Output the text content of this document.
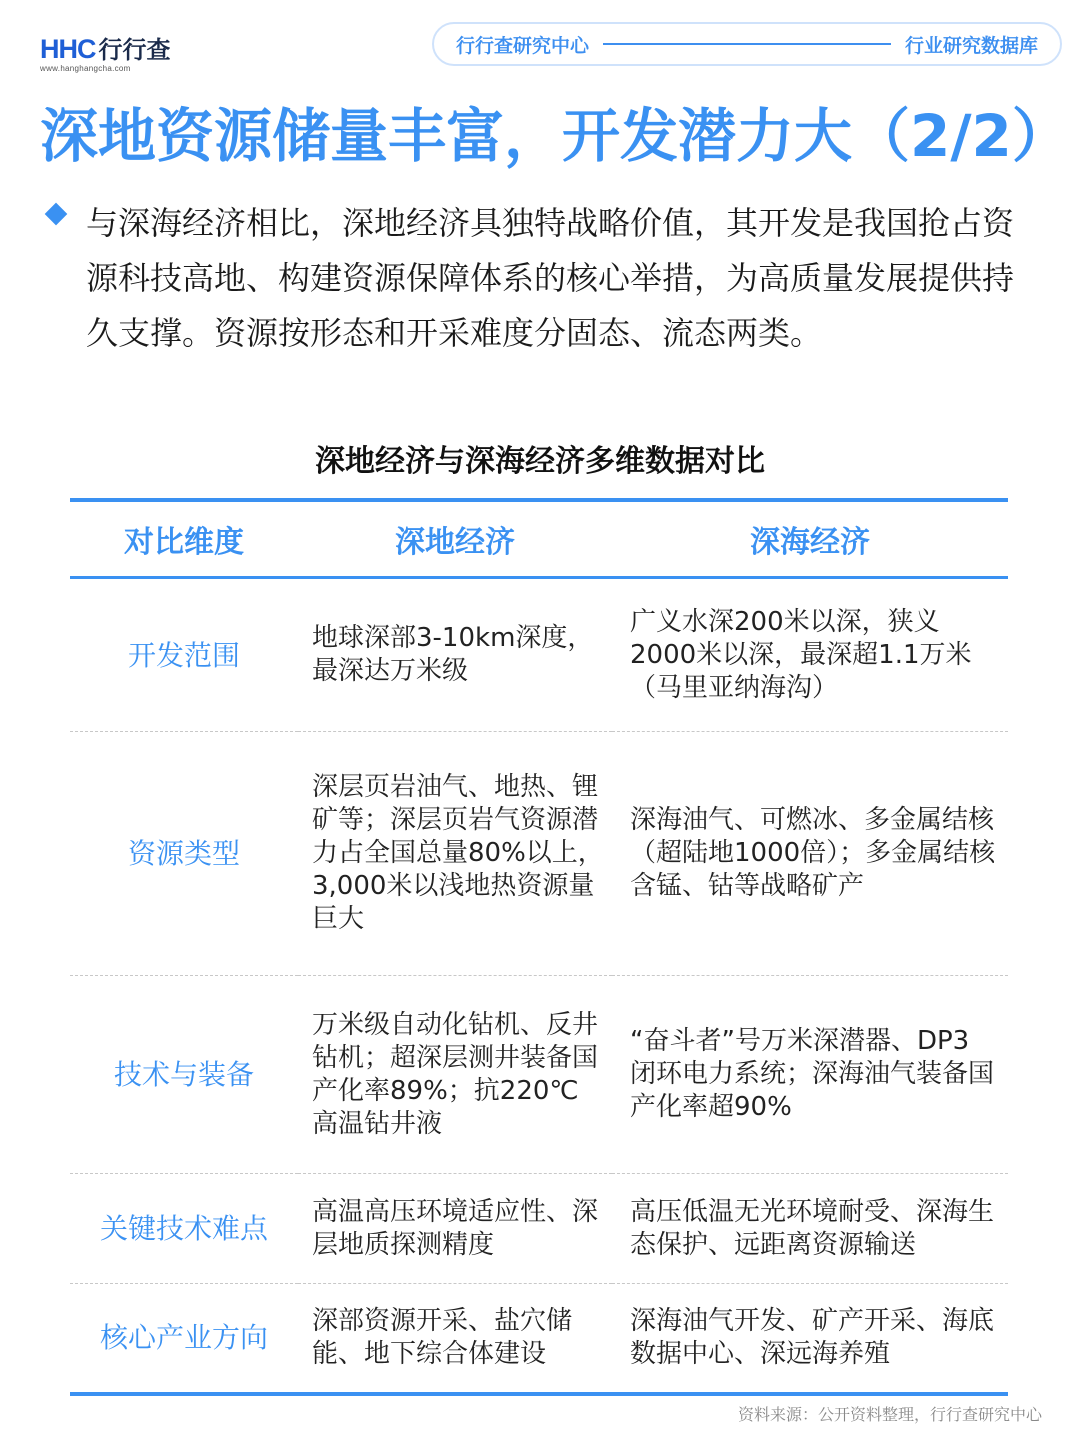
HHC 行行查
www.hanghangcha.com
行行查研究中心	行业研究数据库
深地资源储量丰富，开发潜力大（2/2）
与深海经济相比，深地经济具独特战略价值，其开发是我国抢占资源科技高地、构建资源保障体系的核心举措，为高质量发展提供持久支撑。资源按形态和开采难度分固态、流态两类。
深地经济与深海经济多维数据对比
对比维度	深地经济	深海经济
开发范围	地球深部3-10km深度，最深达万米级	广义水深200米以深，狭义2000米以深，最深超1.1万米（马里亚纳海沟）
资源类型	深层页岩油气、地热、锂矿等；深层页岩气资源潜力占全国总量80%以上，3,000米以浅地热资源量巨大	深海油气、可燃冰、多金属结核（超陆地1000倍）；多金属结核含锰、钴等战略矿产
技术与装备	万米级自动化钻机、反井钻机；超深层测井装备国产化率89%；抗220℃高温钻井液	“奋斗者”号万米深潜器、DP3 闭环电力系统；深海油气装备国产化率超90%
关键技术难点	高温高压环境适应性、深层地质探测精度	高压低温无光环境耐受、深海生态保护、远距离资源输送
核心产业方向	深部资源开采、盐穴储能、地下综合体建设	深海油气开发、矿产开采、海底数据中心、深远海养殖
资料来源：公开资料整理，行行查研究中心
